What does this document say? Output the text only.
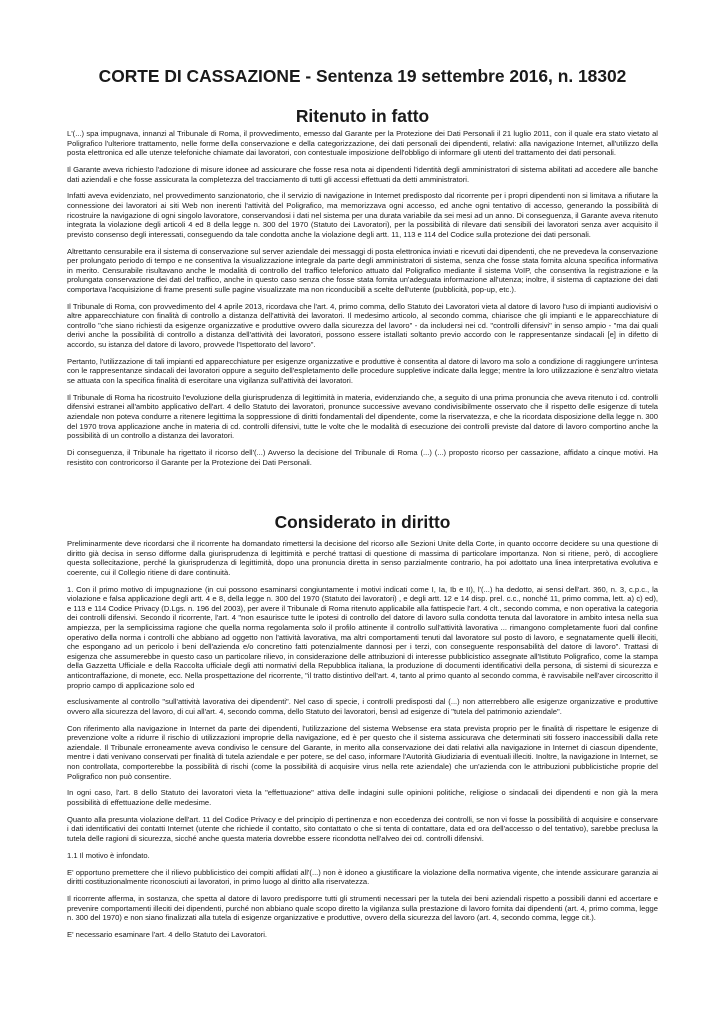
CORTE DI CASSAZIONE - Sentenza 19 settembre 2016, n. 18302
Ritenuto in fatto

L'(...) spa impugnava, innanzi al Tribunale di Roma, il provvedimento, emesso dal Garante per la Protezione dei Dati Personali il 21 luglio 2011, con il quale era stato vietato al Poligrafico l'ulteriore trattamento, nelle forme della conservazione e della categorizzazione, dei dati personali dei dipendenti, relativi: alla navigazione Internet, all'utilizzo della posta elettronica ed alle utenze telefoniche chiamate dai lavoratori, con contestuale imposizione dell'obbligo di informare gli utenti del trattamento dei dati personali.

Il Garante aveva richiesto l'adozione di misure idonee ad assicurare che fosse resa nota ai dipendenti l'identità degli amministratori di sistema abilitati ad accedere alle banche dati aziendali e che fosse assicurata la completezza del tracciamento di tutti gli accessi effettuati da detti amministratori.

Infatti aveva evidenziato, nel provvedimento sanzionatorio, che il servizio di navigazione in Internet predisposto dal ricorrente per i propri dipendenti non si limitava a rifiutare la connessione dei lavoratori ai siti Web non inerenti l'attività del Poligrafico, ma memorizzava ogni accesso, ed anche ogni tentativo di accesso, generando la possibilità di ricostruire la navigazione di ogni singolo lavoratore, conservandosi i dati nel sistema per una durata variabile da sei mesi ad un anno. Di conseguenza, il Garante aveva ritenuto integrata la violazione degli articoli 4 ed 8 della legge n. 300 del 1970 (Statuto dei Lavoratori), per la possibilità di rilevare dati sensibili dei lavoratori senza aver acquisito il previsto consenso degli interessati, conseguendo da tale condotta anche la violazione degli artt. 11, 113 e 114 del Codice sulla protezione dei dati personali.

Altrettanto censurabile era il sistema di conservazione sul server aziendale dei messaggi di posta elettronica inviati e ricevuti dai dipendenti, che ne prevedeva la conservazione per prolungato periodo di tempo e ne consentiva la visualizzazione integrale da parte degli amministratori di sistema, senza che fosse stata fornita alcuna specifica informativa in merito. Censurabile risultavano anche le modalità di controllo del traffico telefonico attuato dal Poligrafico mediante il sistema VoIP, che consentiva la registrazione e la prolungata conservazione dei dati del traffico, anche in questo caso senza che fosse stata fornita un'adeguata informazione all'utenza; inoltre, il sistema di captazione dei dati comportava l'acquisizione di frame presenti sulle pagine visualizzate ma non riconducibili a scelte dell'utente (pubblicità, pop-up, etc.).

Il Tribunale di Roma, con provvedimento del 4 aprile 2013, ricordava che l'art. 4, primo comma, dello Statuto dei Lavoratori vieta al datore di lavoro l'uso di impianti audiovisivi o altre apparecchiature con finalità di controllo a distanza dell'attività dei lavoratori. Il medesimo articolo, al secondo comma, chiarisce che gli impianti e le apparecchiature di controllo "che siano richiesti da esigenze organizzative e produttive ovvero dalla sicurezza del lavoro" - da includersi nei cd. "controlli difensivi" in senso ampio - "ma dai quali derivi anche la possibilità di controllo a distanza dell'attività dei lavoratori, possono essere istallati soltanto previo accordo con le rappresentanze sindacali [e] in difetto di accordo, su istanza del datore di lavoro, provvede l'Ispettorato del lavoro".

Pertanto, l'utilizzazione di tali impianti ed apparecchiature per esigenze organizzative e produttive è consentita al datore di lavoro ma solo a condizione di raggiungere un'intesa con le rappresentanze sindacali dei lavoratori oppure a seguito dell'espletamento delle procedure suppletive indicate dalla legge; mentre la loro utilizzazione è senz'altro vietata se attuata con la specifica finalità di esercitare una vigilanza sull'attività dei lavoratori.

Il Tribunale di Roma ha ricostruito l'evoluzione della giurisprudenza di legittimità in materia, evidenziando che, a seguito di una prima pronuncia che aveva ritenuto i cd. controlli difensivi estranei all'ambito applicativo dell'art. 4 dello Statuto dei lavoratori, pronunce successive avevano condivisibilmente osservato che il rispetto delle esigenze di tutela aziendale non poteva condurre a ritenere legittima la soppressione di diritti fondamentali del dipendente, come la riservatezza, e che la ricordata disposizione della legge n. 300 del 1970 trova applicazione anche in materia di cd. controlli difensivi, tutte le volte che le modalità di esecuzione dei controlli previste dal datore di lavoro comportino anche la possibilità di un controllo a distanza dei lavoratori.

Di conseguenza, il Tribunale ha rigettato il ricorso dell'(...) Avverso la decisione del Tribunale di Roma (...) (...) proposto ricorso per cassazione, affidato a cinque motivi. Ha resistito con controricorso il Garante per la Protezione dei Dati Personali.

Considerato in diritto

Preliminarmente deve ricordarsi che il ricorrente ha domandato rimettersi la decisione del ricorso alle Sezioni Unite della Corte, in quanto occorre decidere su una questione di diritto già decisa in senso difforme dalla giurisprudenza di legittimità e perché trattasi di questione di massima di particolare importanza. Non si ritiene, però, di accogliere questa sollecitazione, perché la giurisprudenza di legittimità, dopo una pronuncia diretta in senso parzialmente contrario, ha poi adottato una linea interpretativa evolutiva e coerente, cui il Collegio ritiene di dare continuità.

1. Con il primo motivo di impugnazione (in cui possono esaminarsi congiuntamente i motivi indicati come I, Ia, Ib e II), l'(...) ha dedotto, ai sensi dell'art. 360, n. 3, c.p.c., la violazione e falsa applicazione degli artt. 4 e 8, della legge n. 300 del 1970 (Statuto dei lavoratori) , e degli artt. 12 e 14 disp. prel. c.c., nonché 11, primo comma, lett. a) c) ed), e 113 e 114 Codice Privacy (D.Lgs. n. 196 del 2003), per avere il Tribunale di Roma ritenuto applicabile alla fattispecie l'art. 4 clt., secondo comma, e non operativa la categoria dei controlli difensivi. Secondo il ricorrente, l'art. 4 "non esaurisce tutte le ipotesi di controllo del datore di lavoro sulla condotta tenuta dal lavoratore in ambito intesa nella sua ampiezza, per la semplicissima ragione che quella norma regolamenta solo il profilo attinente il controllo sull'attività lavorativa ... rimangono completamente fuori dal confine operativo della norma i controlli che abbiano ad oggetto non l'attività lavorativa, ma altri comportamenti tenuti dal lavoratore sul posto di lavoro, e segnatamente quelli illeciti, che espongano ad un pericolo i beni dell'azienda e/o concretino fatti potenzialmente dannosi per i terzi, con conseguente responsabilità del datore di lavoro". Trattasi di esigenza che assumerebbe in questo caso un particolare rilievo, in considerazione delle attribuzioni di interesse pubblicistico assegnate all'Istituto Poligrafico, come la stampa della Gazzetta Ufficiale e della Raccolta ufficiale degli atti normativi della Repubblica italiana, la produzione di documenti identificativi della persona, di sistemi di sicurezza e anticontraffazione, di monete, ecc. Nella prospettazione del ricorrente, "il tratto distintivo dell'art. 4, tanto al primo quanto al secondo comma, è ravvisabile nell'aver circoscritto il proprio campo di applicazione solo ed

esclusivamente al controllo "sull'attività lavorativa dei dipendenti". Nel caso di specie, i controlli predisposti dal (...) non atterrebbero alle esigenze organizzative e produttive ovvero alla sicurezza del lavoro, di cui all'art. 4, secondo comma, dello Statuto dei lavoratori, bensì ad esigenze di "tutela del patrimonio aziendale".

Con riferimento alla navigazione in Internet da parte dei dipendenti, l'utilizzazione del sistema Websense era stata prevista proprio per le finalità di rispettare le esigenze di prevenzione volte a ridurre il rischio di utilizzazioni improprie della navigazione, ed è per questo che il sistema assicurava che determinati siti fossero inaccessibili dalla rete aziendale. Il Tribunale erroneamente aveva condiviso le censure del Garante, in merito alla conservazione dei dati relativi alla navigazione in Internet di ciascun dipendente, mentre i dati venivano conservati per finalità di tutela aziendale e per potere, se del caso, informare l'Autorità Giudiziaria di eventuali illeciti. Inoltre, la navigazione in Internet, se non controllata, comporterebbe la possibilità di rischi (come la possibilità di acquisire virus nella rete aziendale) che un'azienda con le attribuzioni pubblicistiche proprie del Poligrafico non può consentire.

In ogni caso, l'art. 8 dello Statuto dei lavoratori vieta la "effettuazione" attiva delle indagini sulle opinioni politiche, religiose o sindacali dei dipendenti e non già la mera possibilità di effettuazione delle medesime.

Quanto alla presunta violazione dell'art. 11 del Codice Privacy e del principio di pertinenza e non eccedenza dei controlli, se non vi fosse la possibilità di acquisire e conservare i dati identificativi dei contatti Internet (utente che richiede il contatto, sito contattato o che si tenta di contattare, data ed ora dell'accesso o del tentativo), sarebbe preclusa la tutela delle ragioni di sicurezza, sicché anche questa materia dovrebbe essere ricondotta nell'alveo dei cd. controlli difensivi.

1.1 Il motivo è infondato.

E' opportuno premettere che il rilievo pubblicistico dei compiti affidati all'(...) non è idoneo a giustificare la violazione della normativa vigente, che intende assicurare garanzia ai diritti costituzionalmente riconosciuti ai lavoratori, in primo luogo al diritto alla riservatezza.

Il ricorrente afferma, in sostanza, che spetta al datore di lavoro predisporre tutti gli strumenti necessari per la tutela dei beni aziendali rispetto a possibili danni ed accertare e prevenire comportamenti illeciti dei dipendenti, purché non abbiano quale scopo diretto la vigilanza sulla prestazione di lavoro fornita dai dipendenti (art. 4, primo comma, legge n. 300 del 1970) e non siano finalizzati alla tutela di esigenze organizzative e produttive, ovvero della sicurezza del lavoro (art. 4, secondo comma, legge cit.).

E' necessario esaminare l'art. 4 dello Statuto dei Lavoratori.
